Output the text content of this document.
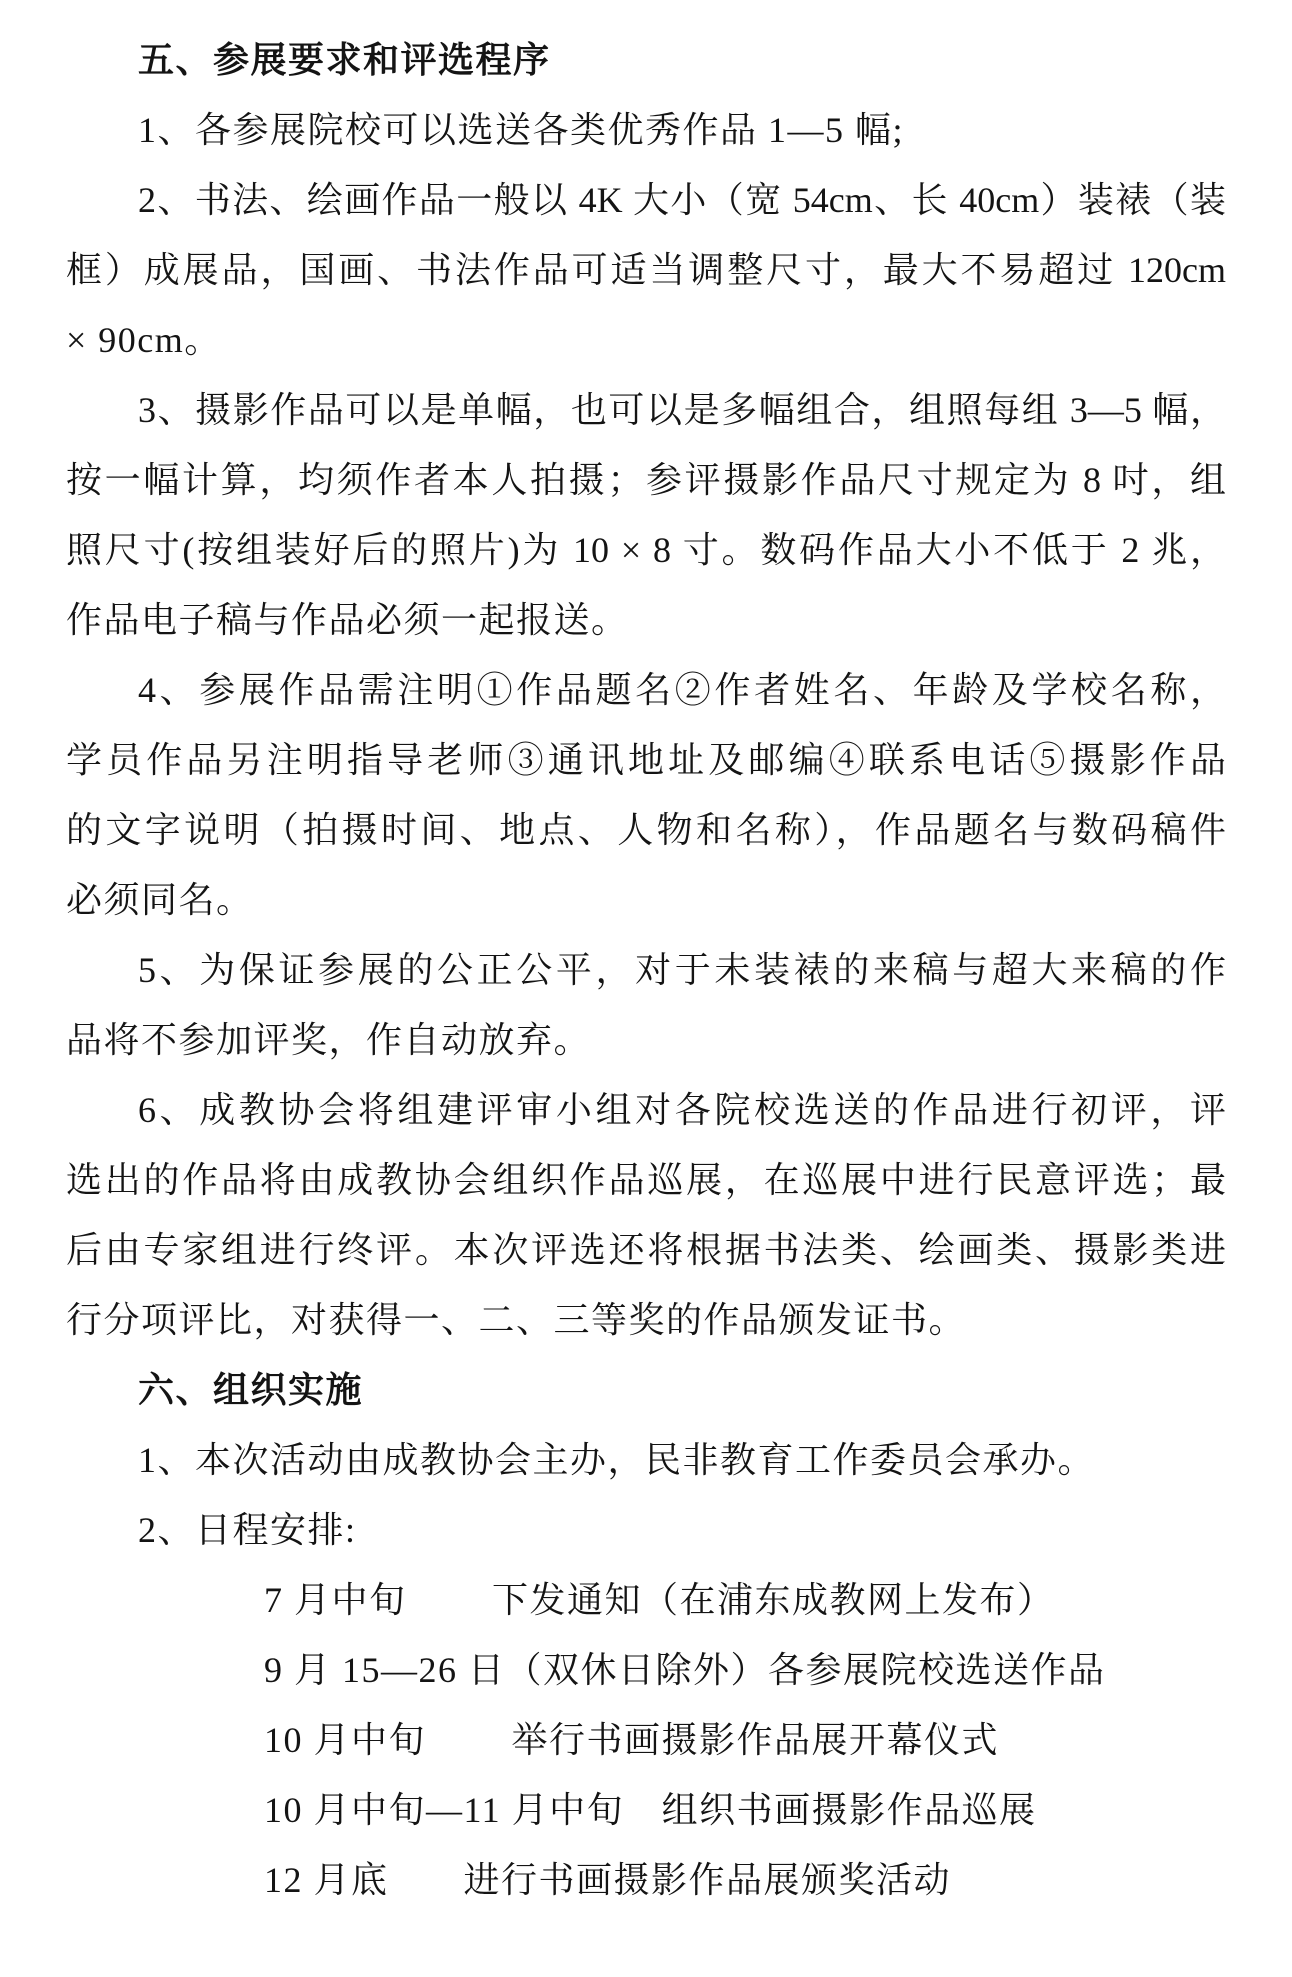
五、参展要求和评选程序
1、各参展院校可以选送各类优秀作品 1—5 幅;
2、书法、绘画作品一般以 4K 大小（宽 54cm、长 40cm）装裱（装
框）成展品，国画、书法作品可适当调整尺寸，最大不易超过 120cm
× 90cm。
3、摄影作品可以是单幅，也可以是多幅组合，组照每组 3—5 幅，
按一幅计算，均须作者本人拍摄；参评摄影作品尺寸规定为 8 吋，组
照尺寸(按组装好后的照片)为 10 × 8 寸。数码作品大小不低于 2 兆，
作品电子稿与作品必须一起报送。
4、参展作品需注明①作品题名②作者姓名、年龄及学校名称，
学员作品另注明指导老师③通讯地址及邮编④联系电话⑤摄影作品
的文字说明（拍摄时间、地点、人物和名称），作品题名与数码稿件
必须同名。
5、为保证参展的公正公平，对于未装裱的来稿与超大来稿的作
品将不参加评奖，作自动放弃。
6、成教协会将组建评审小组对各院校选送的作品进行初评，评
选出的作品将由成教协会组织作品巡展，在巡展中进行民意评选；最
后由专家组进行终评。本次评选还将根据书法类、绘画类、摄影类进
行分项评比，对获得一、二、三等奖的作品颁发证书。
六、组织实施
1、本次活动由成教协会主办，民非教育工作委员会承办。
2、日程安排:
7 月中旬　　 下发通知（在浦东成教网上发布）
9 月 15—26 日（双休日除外）各参展院校选送作品
10 月中旬　　 举行书画摄影作品展开幕仪式
10 月中旬—11 月中旬　组织书画摄影作品巡展
12 月底　　进行书画摄影作品展颁奖活动
